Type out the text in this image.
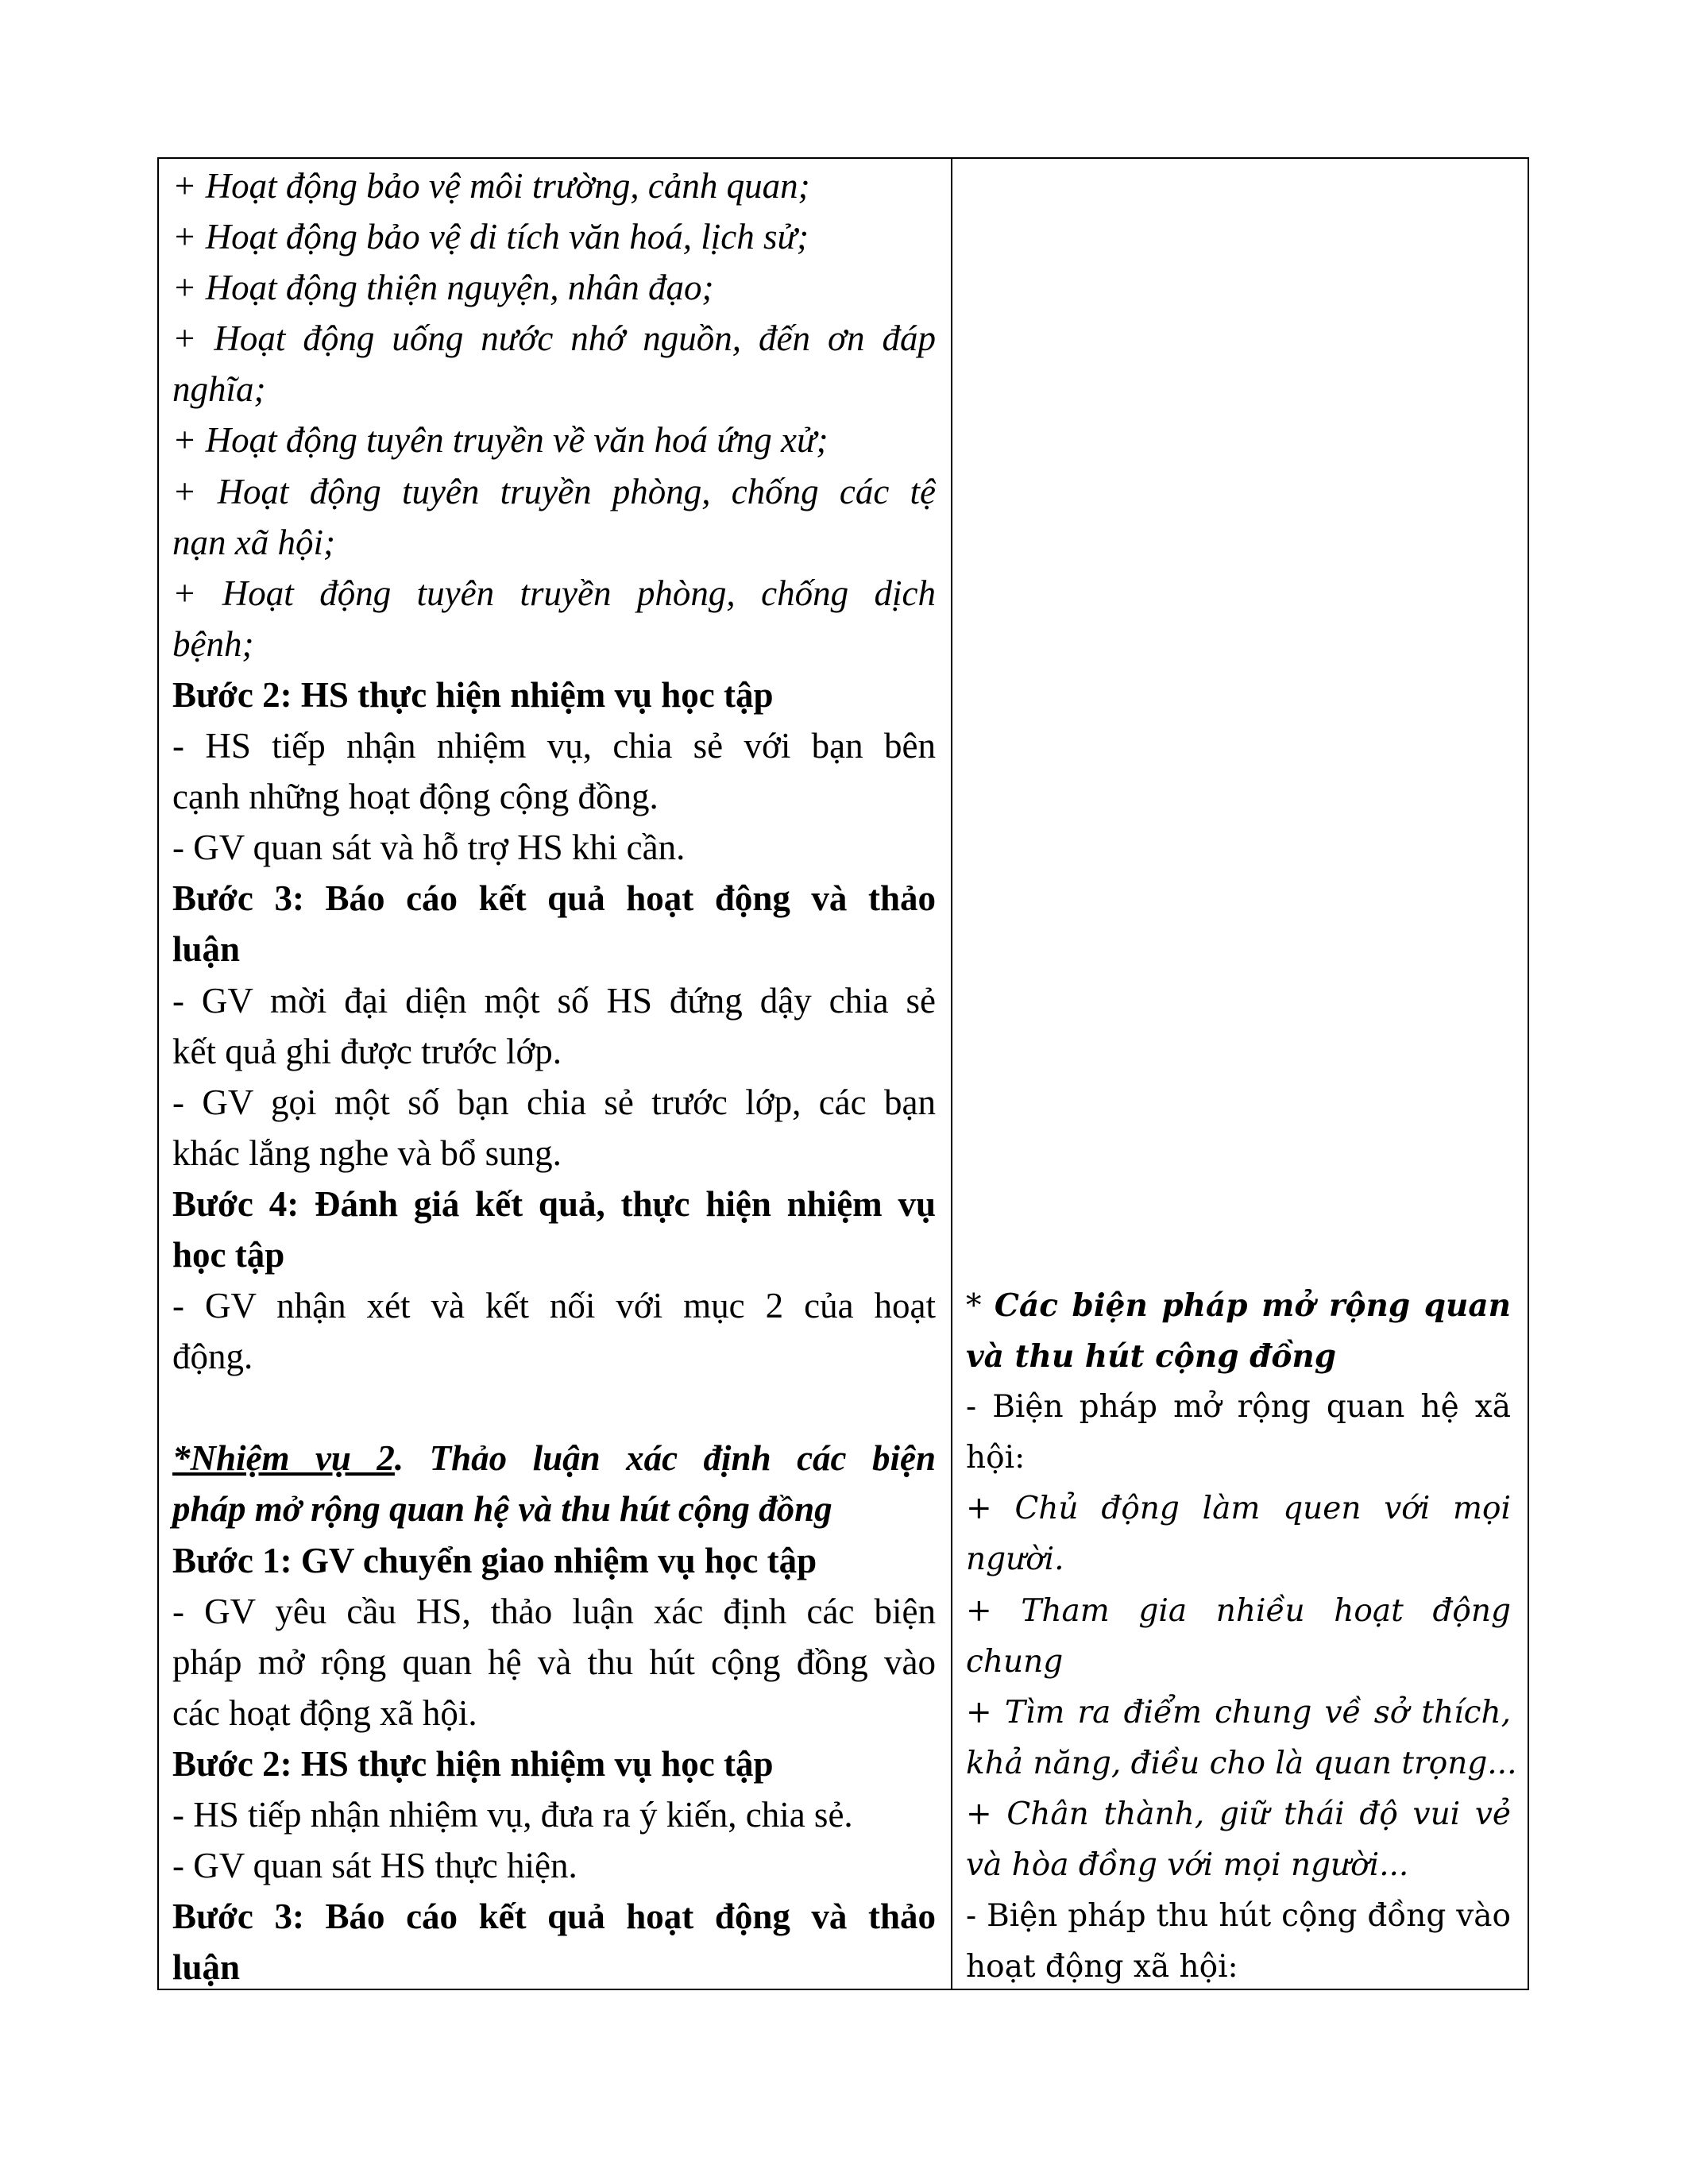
+ Hoạt động bảo vệ môi trường, cảnh quan;
+ Hoạt động bảo vệ di tích văn hoá, lịch sử;
+ Hoạt động thiện nguyện, nhân đạo;
+ Hoạt động uống nước nhớ nguồn, đến ơn đáp
nghĩa;
+ Hoạt động tuyên truyền về văn hoá ứng xử;
+ Hoạt động tuyên truyền phòng, chống các tệ
nạn xã hội;
+ Hoạt động tuyên truyền phòng, chống dịch
bệnh;
Bước 2: HS thực hiện nhiệm vụ học tập
- HS tiếp nhận nhiệm vụ, chia sẻ với bạn bên
cạnh những hoạt động cộng đồng.
- GV quan sát và hỗ trợ HS khi cần.
Bước 3: Báo cáo kết quả hoạt động và thảo
luận
- GV mời đại diện một số HS đứng dậy chia sẻ
kết quả ghi được trước lớp.
- GV gọi một số bạn chia sẻ trước lớp, các bạn
khác lắng nghe và bổ sung.
Bước 4: Đánh giá kết quả, thực hiện nhiệm vụ
học tập
- GV nhận xét và kết nối với mục 2 của hoạt
động.
*Nhiệm vụ 2. Thảo luận xác định các biện
pháp mở rộng quan hệ và thu hút cộng đồng
Bước 1: GV chuyển giao nhiệm vụ học tập
- GV yêu cầu HS, thảo luận xác định các biện
pháp mở rộng quan hệ và thu hút cộng đồng vào
các hoạt động xã hội.
Bước 2: HS thực hiện nhiệm vụ học tập
- HS tiếp nhận nhiệm vụ, đưa ra ý kiến, chia sẻ.
- GV quan sát HS thực hiện.
Bước 3: Báo cáo kết quả hoạt động và thảo
luận
* Các biện pháp mở rộng quan
và thu hút cộng đồng
- Biện pháp mở rộng quan hệ xã
hội:
+ Chủ động làm quen với mọi
người.
+ Tham gia nhiều hoạt động
chung
+ Tìm ra điểm chung về sở thích,
khả năng, điều cho là quan trọng...
+ Chân thành, giữ thái độ vui vẻ
và hòa đồng với mọi người...
- Biện pháp thu hút cộng đồng vào
hoạt động xã hội:
